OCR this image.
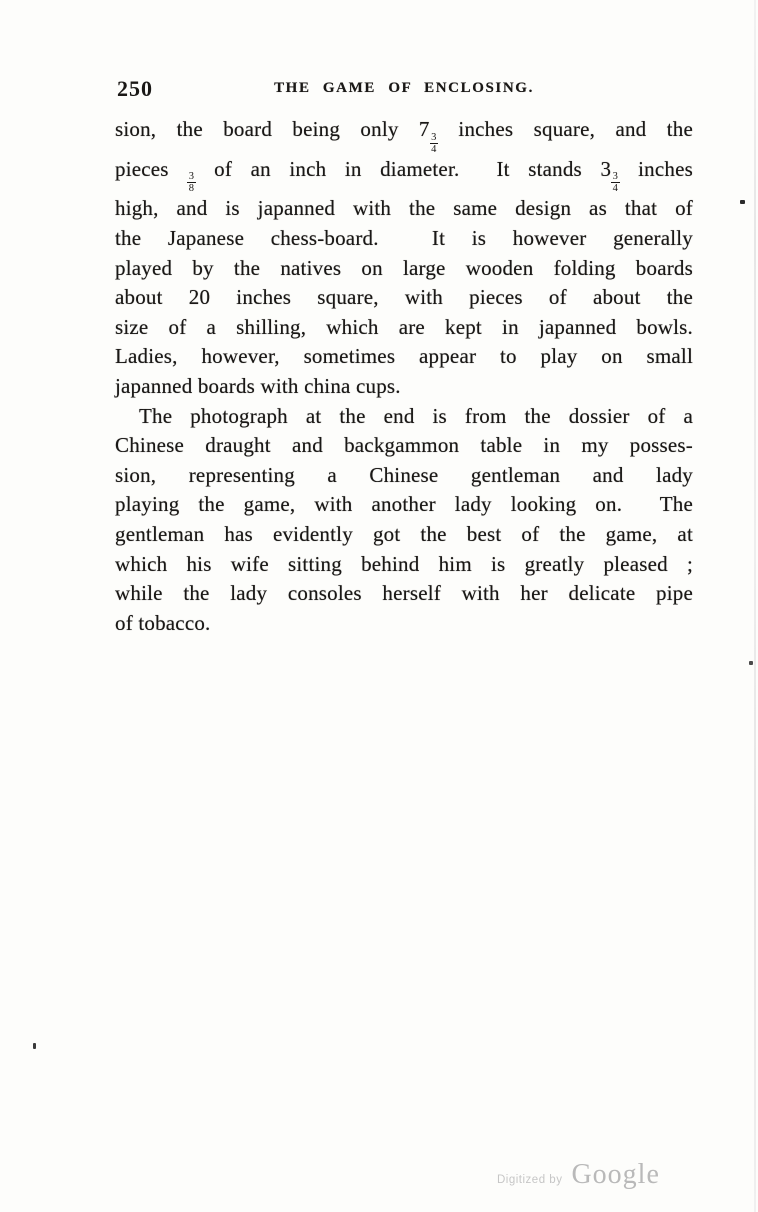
250	THE GAME OF ENCLOSING.
sion, the board being only 7
$\frac{3}{4}$
inches square, and the
pieces
$\frac{3}{8}$
of an inch in diameter.  It stands 3
$\frac{3}{4}$
inches
high, and is japanned with the same design as that of
the Japanese chess-board.  It is however generally
played by the natives on large wooden folding boards
about 20 inches square, with pieces of about the
size of a shilling, which are kept in japanned bowls.
Ladies, however, sometimes appear to play on small
japanned boards with china cups.
The photograph at the end is from the dossier of a
Chinese draught and backgammon table in my posses-
sion, representing a Chinese gentleman and lady
playing the game, with another lady looking on.  The
gentleman has evidently got the best of the game, at
which his wife sitting behind him is greatly pleased ;
while the lady consoles herself with her delicate pipe
of tobacco.
Digitized by Google
